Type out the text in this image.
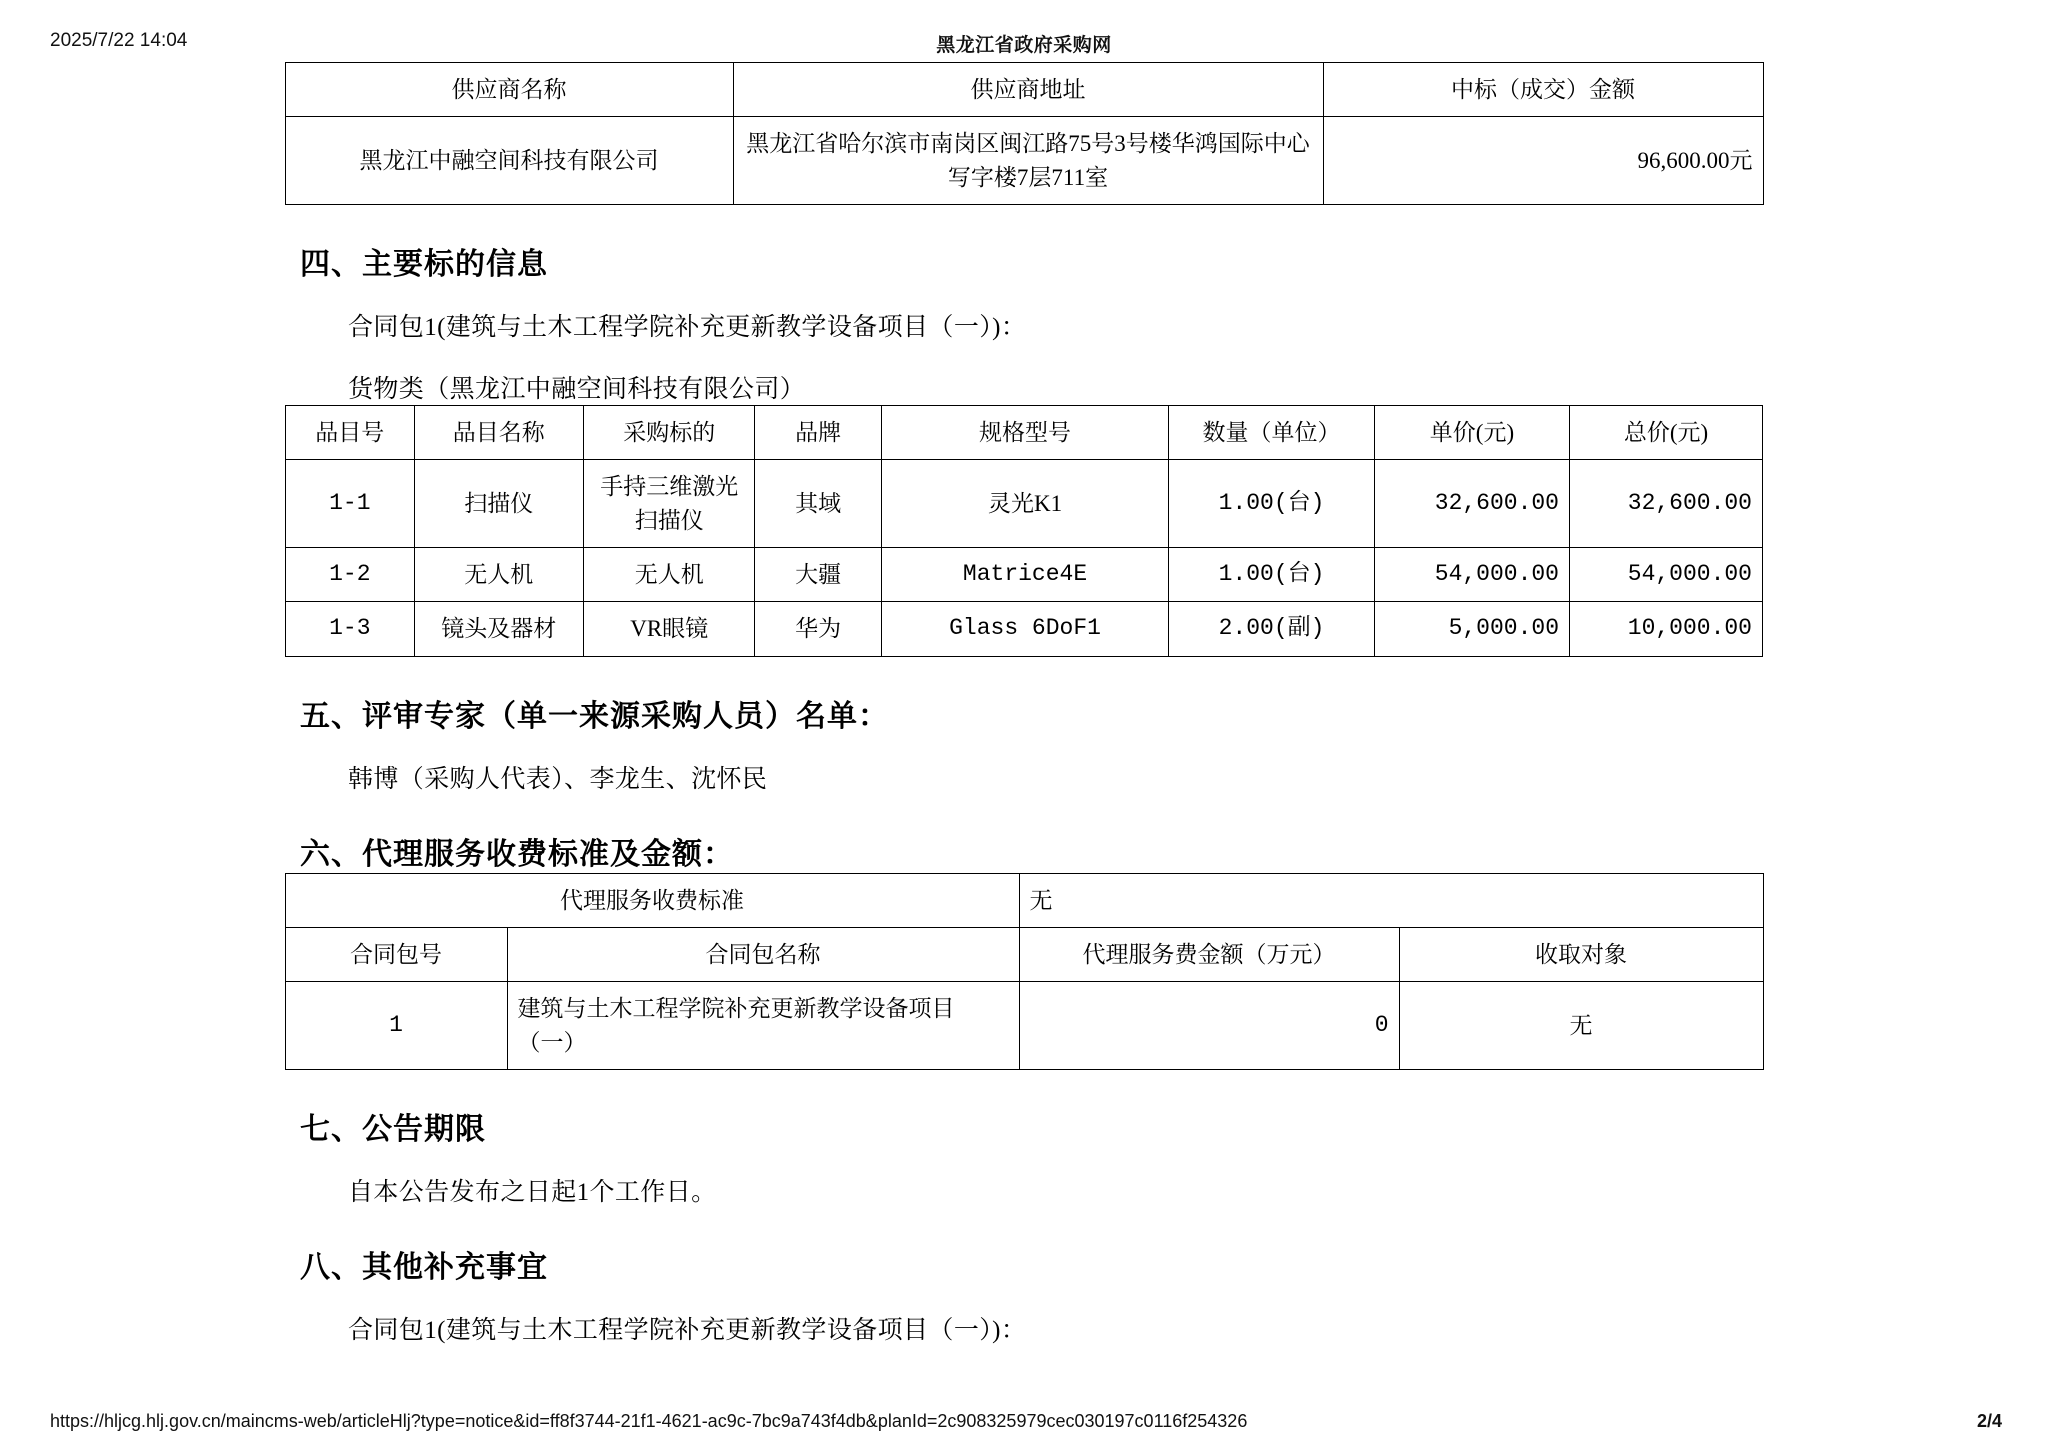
2025/7/22 14:04	黑龙江省政府采购网
供应商名称	供应商地址	中标（成交）金额
黑龙江中融空间科技有限公司	黑龙江省哈尔滨市南岗区闽江路75号3号楼华鸿国际中心写字楼7层711室	96,600.00元
四、主要标的信息

合同包1(建筑与土木工程学院补充更新教学设备项目（一）)：

货物类（黑龙江中融空间科技有限公司）

品目号	品目名称	采购标的	品牌	规格型号	数量（单位）	单价(元)	总价(元)
1-1	扫描仪	手持三维激光扫描仪	其域	灵光K1	1.00(台)	32,600.00	32,600.00
1-2	无人机	无人机	大疆	Matrice4E	1.00(台)	54,000.00	54,000.00
1-3	镜头及器材	VR眼镜	华为	Glass 6DoF1	2.00(副)	5,000.00	10,000.00
五、评审专家（单一来源采购人员）名单：

韩博（采购人代表）、李龙生、沈怀民

六、代理服务收费标准及金额：
代理服务收费标准		无	
合同包号	合同包名称	代理服务费金额（万元）	收取对象
1	建筑与土木工程学院补充更新教学设备项目（一）	0	无
七、公告期限

自本公告发布之日起1个工作日。

八、其他补充事宜

合同包1(建筑与土木工程学院补充更新教学设备项目（一）)：

https://hljcg.hlj.gov.cn/maincms-web/articleHlj?type=notice&id=ff8f3744-21f1-4621-ac9c-7bc9a743f4db&planId=2c908325979cec030197c0116f254326	2/4
